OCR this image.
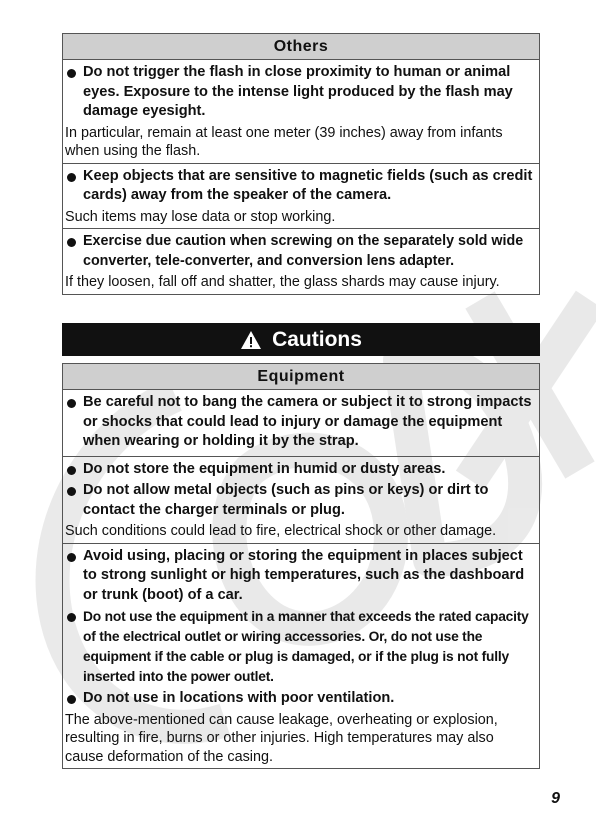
Others
Do not trigger the flash in close proximity to human or animal eyes. Exposure to the intense light produced by the flash may damage eyesight.

In particular, remain at least one meter (39 inches) away from infants when using the flash.

Keep objects that are sensitive to magnetic fields (such as credit cards) away from the speaker of the camera.

Such items may lose data or stop working.

Exercise due caution when screwing on the separately sold wide converter, tele-converter, and conversion lens adapter.

If they loosen, fall off and shatter, the glass shards may cause injury.

Cautions
Equipment
Be careful not to bang the camera or subject it to strong impacts or shocks that could lead to injury or damage the equipment when wearing or holding it by the strap.
Do not store the equipment in humid or dusty areas.
Do not allow metal objects (such as pins or keys) or dirt to contact the charger terminals or plug.

Such conditions could lead to fire, electrical shock or other damage.

Avoid using, placing or storing the equipment in places subject to strong sunlight or high temperatures, such as the dashboard or trunk (boot) of a car.
Do not use the equipment in a manner that exceeds the rated capacity of the electrical outlet or wiring accessories. Or, do not use the equipment if the cable or plug is damaged, or if the plug is not fully inserted into the power outlet.
Do not use in locations with poor ventilation.

The above-mentioned can cause leakage, overheating or explosion, resulting in fire, burns or other injuries. High temperatures may also cause deformation of the casing.

9
